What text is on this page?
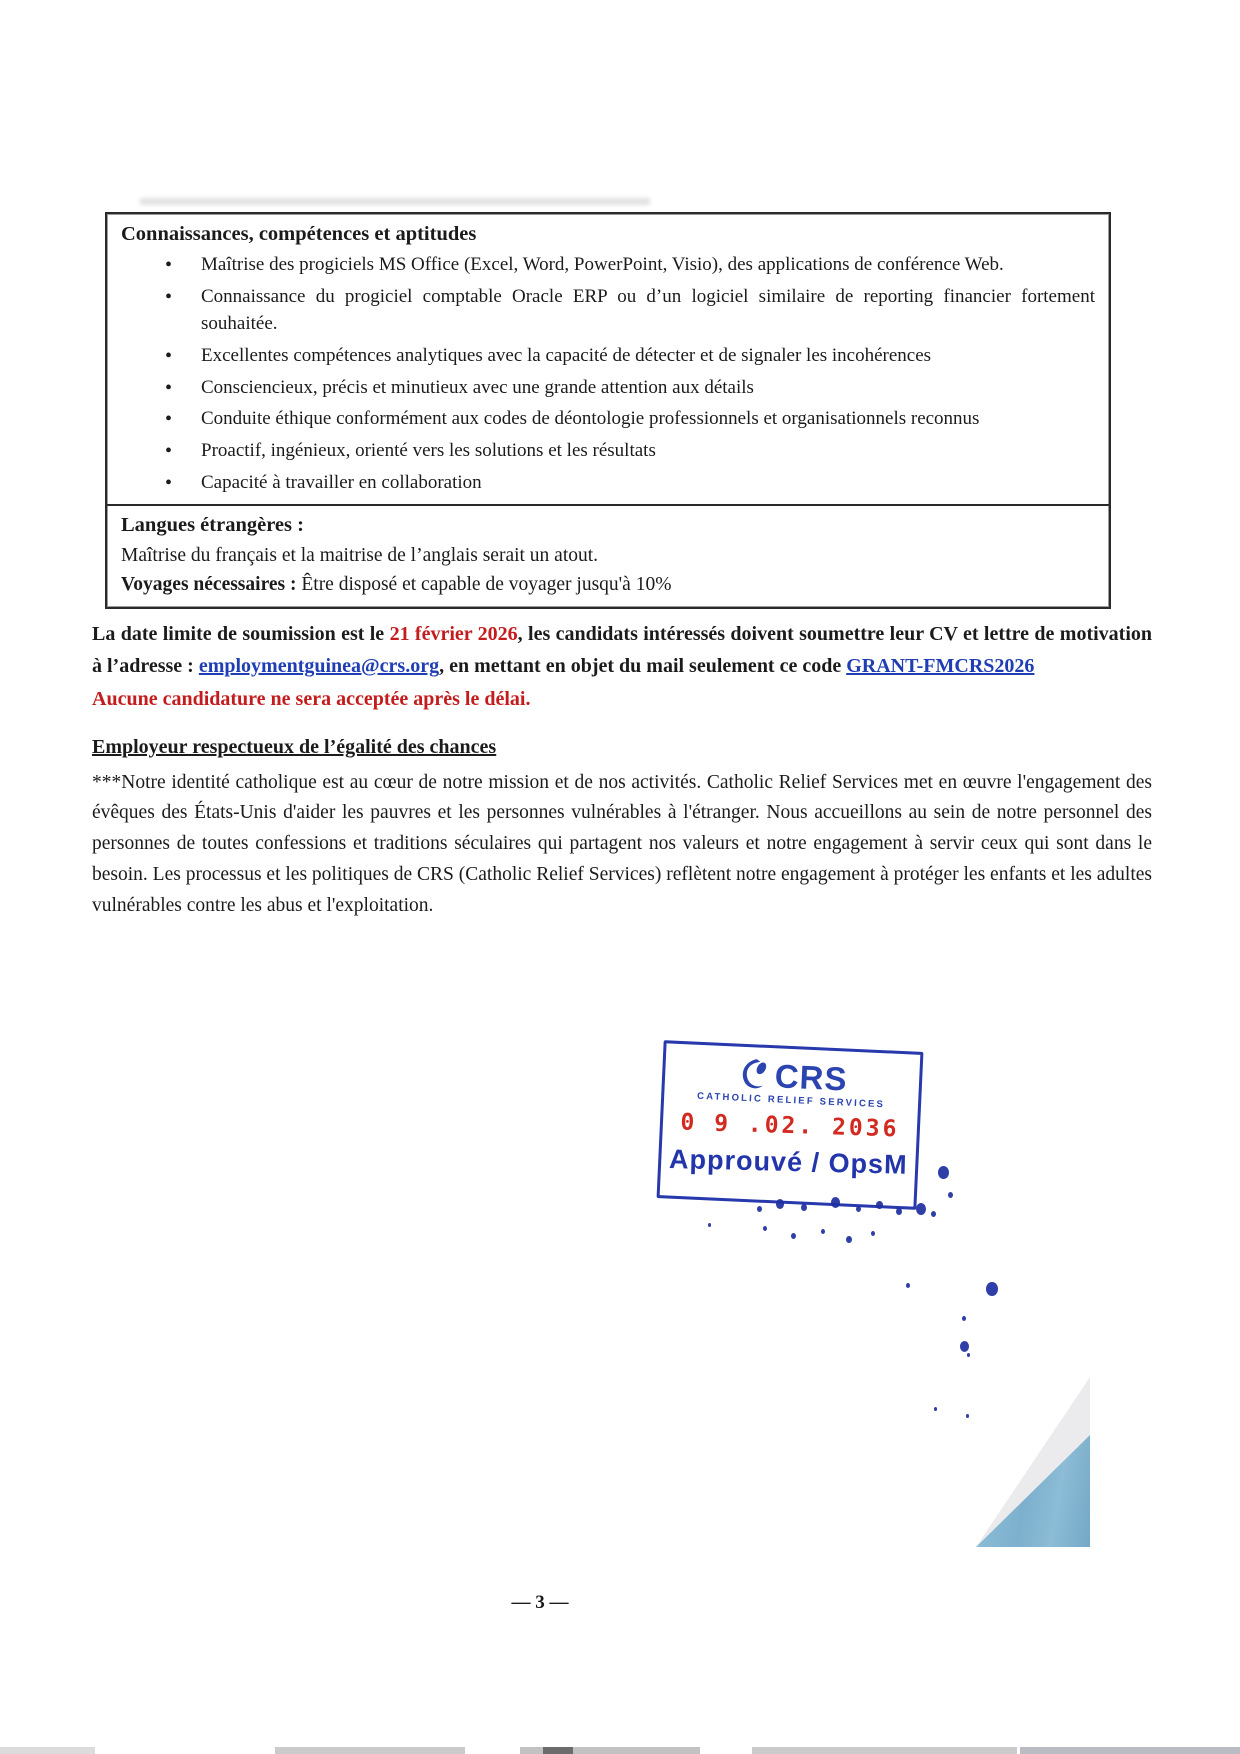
Connaissances, compétences et aptitudes
• Maîtrise des progiciels MS Office (Excel, Word, PowerPoint, Visio), des applications de conférence Web.
• Connaissance du progiciel comptable Oracle ERP ou d’un logiciel similaire de reporting financier fortement souhaitée.
• Excellentes compétences analytiques avec la capacité de détecter et de signaler les incohérences
• Consciencieux, précis et minutieux avec une grande attention aux détails
• Conduite éthique conformément aux codes de déontologie professionnels et organisationnels reconnus
• Proactif, ingénieux, orienté vers les solutions et les résultats
• Capacité à travailler en collaboration
Langues étrangères :
Maîtrise du français et la maitrise de l’anglais serait un atout.
Voyages nécessaires : Être disposé et capable de voyager jusqu'à 10%
La date limite de soumission est le 21 février 2026, les candidats intéressés doivent soumettre leur CV et lettre de motivation à l’adresse : employmentguinea@crs.org, en mettant en objet du mail seulement ce code GRANT-FMCRS2026
Aucune candidature ne sera acceptée après le délai.
Employeur respectueux de l’égalité des chances
***Notre identité catholique est au cœur de notre mission et de nos activités. Catholic Relief Services met en œuvre l'engagement des évêques des États-Unis d'aider les pauvres et les personnes vulnérables à l'étranger. Nous accueillons au sein de notre personnel des personnes de toutes confessions et traditions séculaires qui partagent nos valeurs et notre engagement à servir ceux qui sont dans le besoin. Les processus et les politiques de CRS (Catholic Relief Services) reflètent notre engagement à protéger les enfants et les adultes vulnérables contre les abus et l'exploitation.
CRS
CATHOLIC RELIEF SERVICES
0 9 .02. 2036
Approuvé / OpsM
— 3 —
